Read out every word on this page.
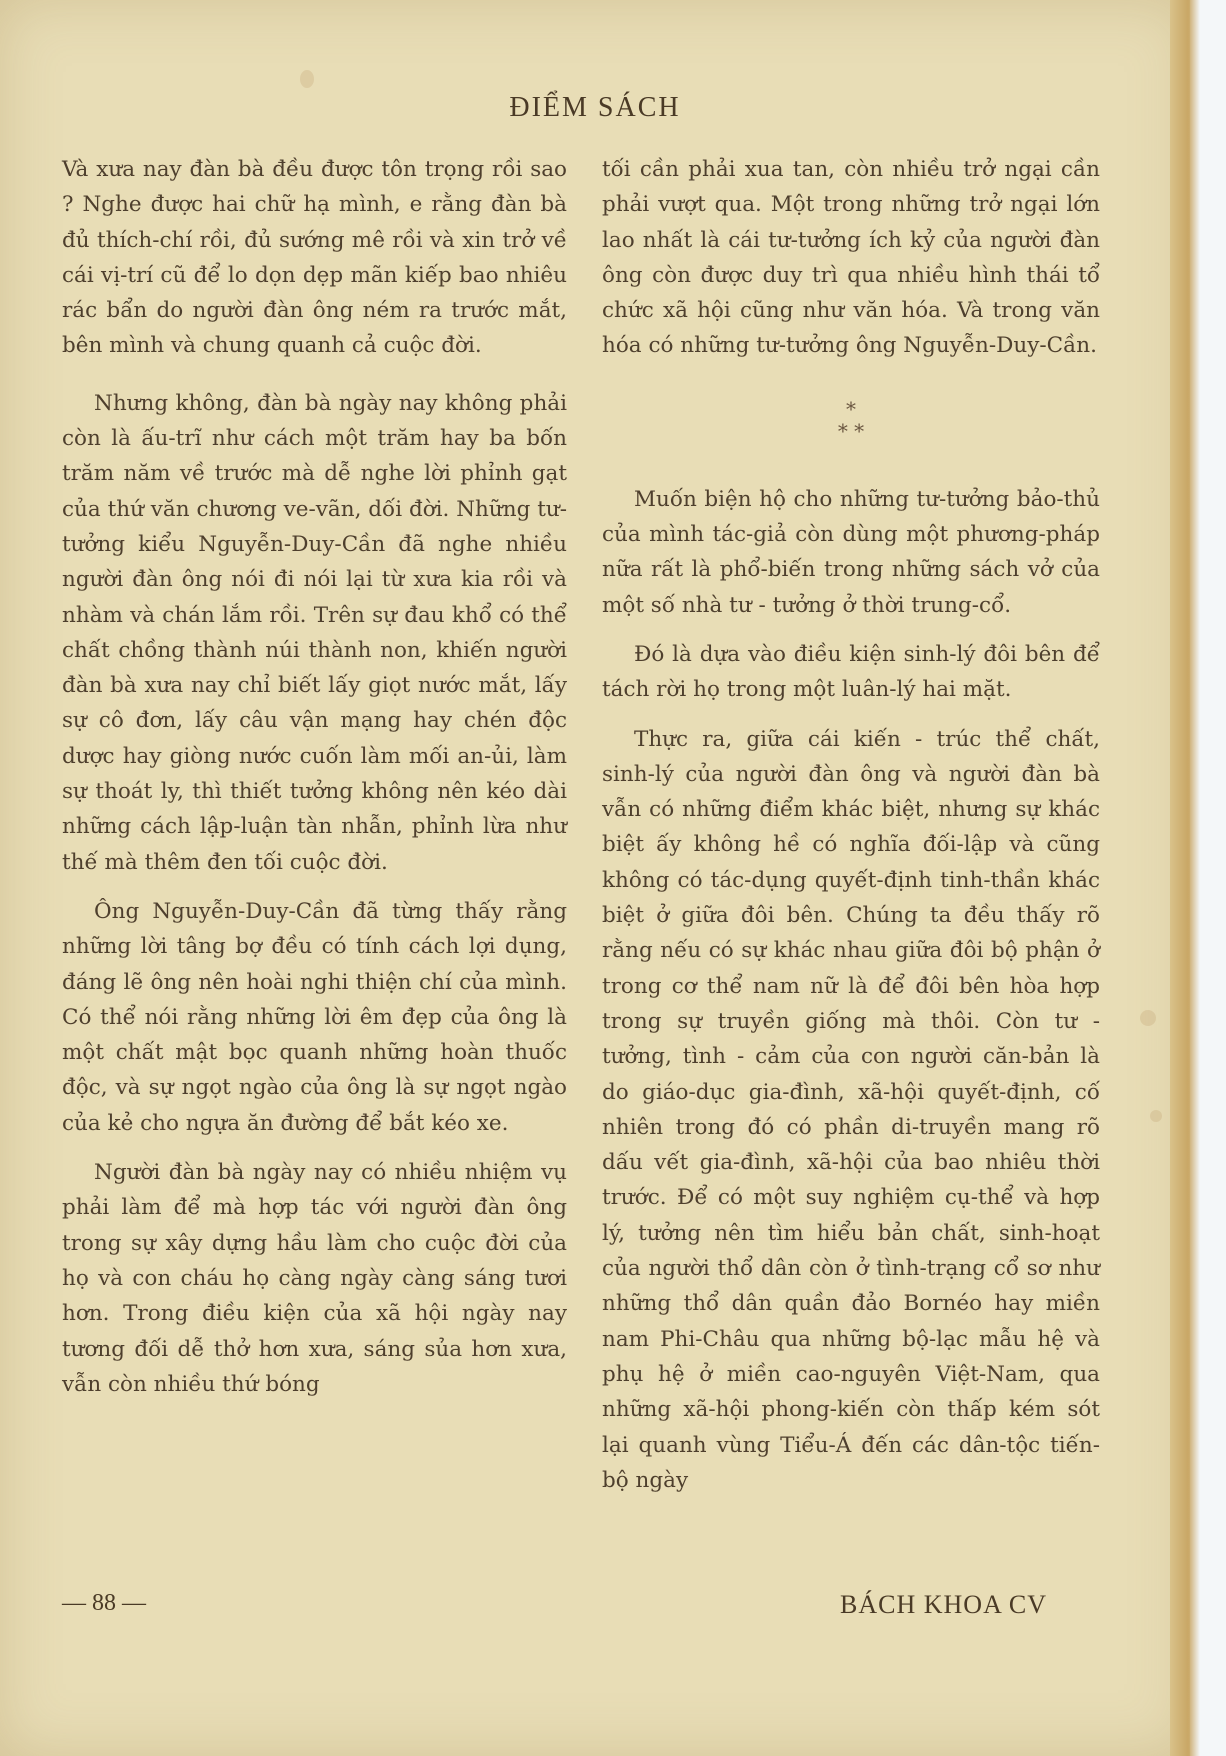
ĐIỂM SÁCH

Và xưa nay đàn bà đều được tôn trọng rồi sao ? Nghe được hai chữ hạ mình, e rằng đàn bà đủ thích-chí rồi, đủ sướng mê rồi và xin trở về cái vị-trí cũ để lo dọn dẹp mãn kiếp bao nhiêu rác bẩn do người đàn ông ném ra trước mắt, bên mình và chung quanh cả cuộc đời.

Nhưng không, đàn bà ngày nay không phải còn là ấu-trĩ như cách một trăm hay ba bốn trăm năm về trước mà dễ nghe lời phỉnh gạt của thứ văn chương ve-vãn, dối đời. Những tư-tưởng kiểu Nguyễn-Duy-Cần đã nghe nhiều người đàn ông nói đi nói lại từ xưa kia rồi và nhàm và chán lắm rồi. Trên sự đau khổ có thể chất chồng thành núi thành non, khiến người đàn bà xưa nay chỉ biết lấy giọt nước mắt, lấy sự cô đơn, lấy câu vận mạng hay chén độc dược hay giòng nước cuốn làm mối an-ủi, làm sự thoát ly, thì thiết tưởng không nên kéo dài những cách lập-luận tàn nhẫn, phỉnh lừa như thế mà thêm đen tối cuộc đời.

Ông Nguyễn-Duy-Cần đã từng thấy rằng những lời tâng bợ đều có tính cách lợi dụng, đáng lẽ ông nên hoài nghi thiện chí của mình. Có thể nói rằng những lời êm đẹp của ông là một chất mật bọc quanh những hoàn thuốc độc, và sự ngọt ngào của ông là sự ngọt ngào của kẻ cho ngựa ăn đường để bắt kéo xe.

Người đàn bà ngày nay có nhiều nhiệm vụ phải làm để mà hợp tác với người đàn ông trong sự xây dựng hầu làm cho cuộc đời của họ và con cháu họ càng ngày càng sáng tươi hơn. Trong điều kiện của xã hội ngày nay tương đối dễ thở hơn xưa, sáng sủa hơn xưa, vẫn còn nhiều thứ bóng

tối cần phải xua tan, còn nhiều trở ngại cần phải vượt qua. Một trong những trở ngại lớn lao nhất là cái tư-tưởng ích kỷ của người đàn ông còn được duy trì qua nhiều hình thái tổ chức xã hội cũng như văn hóa. Và trong văn hóa có những tư-tưởng ông Nguyễn-Duy-Cần.

*
* *

Muốn biện hộ cho những tư-tưởng bảo-thủ của mình tác-giả còn dùng một phương-pháp nữa rất là phổ-biến trong những sách vở của một số nhà tư - tưởng ở thời trung-cổ.

Đó là dựa vào điều kiện sinh-lý đôi bên để tách rời họ trong một luân-lý hai mặt.

Thực ra, giữa cái kiến - trúc thể chất, sinh-lý của người đàn ông và người đàn bà vẫn có những điểm khác biệt, nhưng sự khác biệt ấy không hề có nghĩa đối-lập và cũng không có tác-dụng quyết-định tinh-thần khác biệt ở giữa đôi bên. Chúng ta đều thấy rõ rằng nếu có sự khác nhau giữa đôi bộ phận ở trong cơ thể nam nữ là để đôi bên hòa hợp trong sự truyền giống mà thôi. Còn tư - tưởng, tình - cảm của con người căn-bản là do giáo-dục gia-đình, xã-hội quyết-định, cố nhiên trong đó có phần di-truyền mang rõ dấu vết gia-đình, xã-hội của bao nhiêu thời trước. Để có một suy nghiệm cụ-thể và hợp lý, tưởng nên tìm hiểu bản chất, sinh-hoạt của người thổ dân còn ở tình-trạng cổ sơ như những thổ dân quần đảo Bornéo hay miền nam Phi-Châu qua những bộ-lạc mẫu hệ và phụ hệ ở miền cao-nguyên Việt-Nam, qua những xã-hội phong-kiến còn thấp kém sót lại quanh vùng Tiểu-Á đến các dân-tộc tiến-bộ ngày

— 88 —	BÁCH KHOA CV
